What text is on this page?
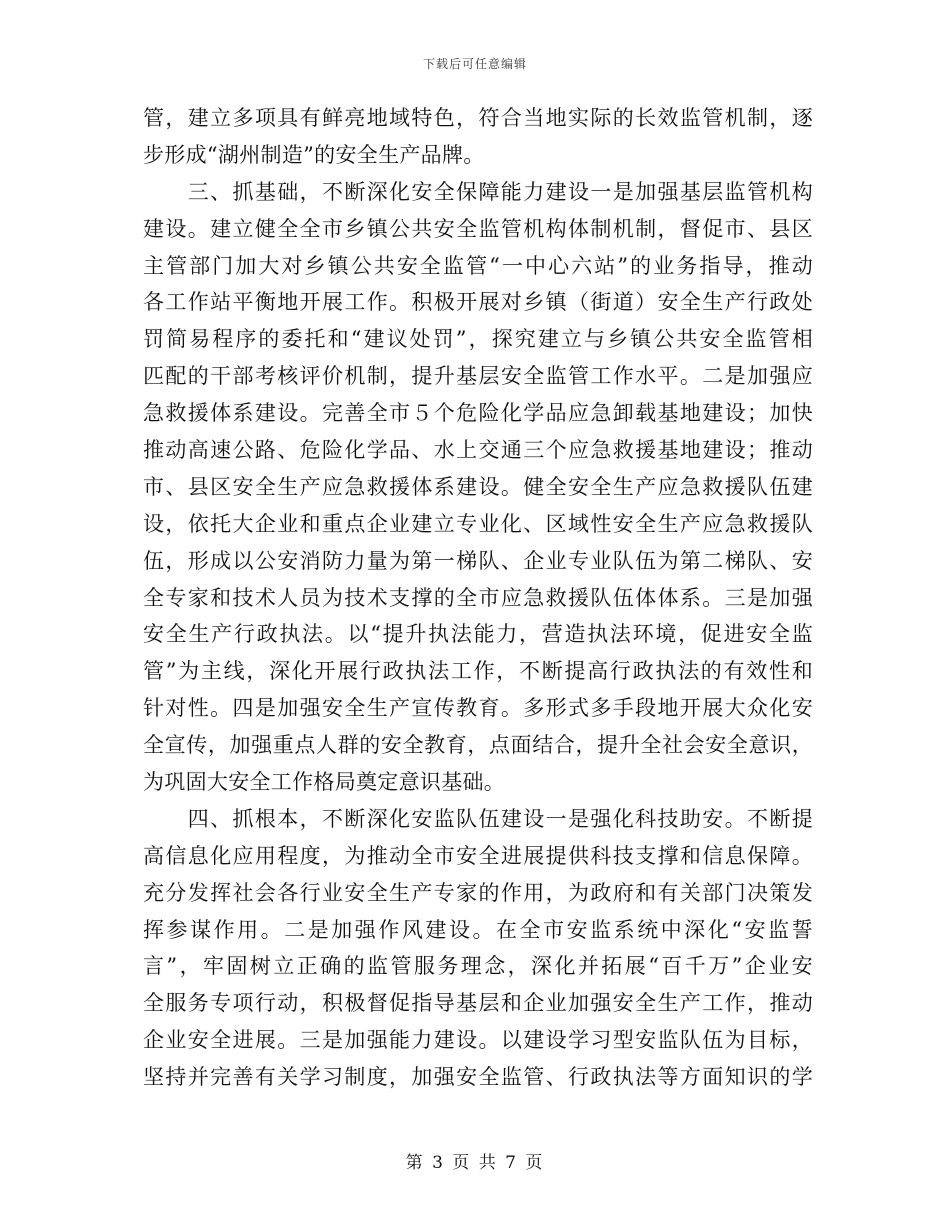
下载后可任意编辑
管，建立多项具有鲜亮地域特色，符合当地实际的长效监管机制，逐
步形成“湖州制造”的安全生产品牌。
　　三、抓基础，不断深化安全保障能力建设一是加强基层监管机构
建设。建立健全全市乡镇公共安全监管机构体制机制，督促市、县区
主管部门加大对乡镇公共安全监管“一中心六站”的业务指导，推动
各工作站平衡地开展工作。积极开展对乡镇（街道）安全生产行政处
罚简易程序的委托和“建议处罚”，探究建立与乡镇公共安全监管相
匹配的干部考核评价机制，提升基层安全监管工作水平。二是加强应
急救援体系建设。完善全市５个危险化学品应急卸载基地建设；加快
推动高速公路、危险化学品、水上交通三个应急救援基地建设；推动
市、县区安全生产应急救援体系建设。健全安全生产应急救援队伍建
设，依托大企业和重点企业建立专业化、区域性安全生产应急救援队
伍，形成以公安消防力量为第一梯队、企业专业队伍为第二梯队、安
全专家和技术人员为技术支撑的全市应急救援队伍体体系。三是加强
安全生产行政执法。以“提升执法能力，营造执法环境，促进安全监
管”为主线，深化开展行政执法工作，不断提高行政执法的有效性和
针对性。四是加强安全生产宣传教育。多形式多手段地开展大众化安
全宣传，加强重点人群的安全教育，点面结合，提升全社会安全意识，
为巩固大安全工作格局奠定意识基础。
　　四、抓根本，不断深化安监队伍建设一是强化科技助安。不断提
高信息化应用程度，为推动全市安全进展提供科技支撑和信息保障。
充分发挥社会各行业安全生产专家的作用，为政府和有关部门决策发
挥参谋作用。二是加强作风建设。在全市安监系统中深化“安监誓
言”，牢固树立正确的监管服务理念，深化并拓展“百千万”企业安
全服务专项行动，积极督促指导基层和企业加强安全生产工作，推动
企业安全进展。三是加强能力建设。以建设学习型安监队伍为目标，
坚持并完善有关学习制度，加强安全监管、行政执法等方面知识的学
第 3 页 共 7 页
